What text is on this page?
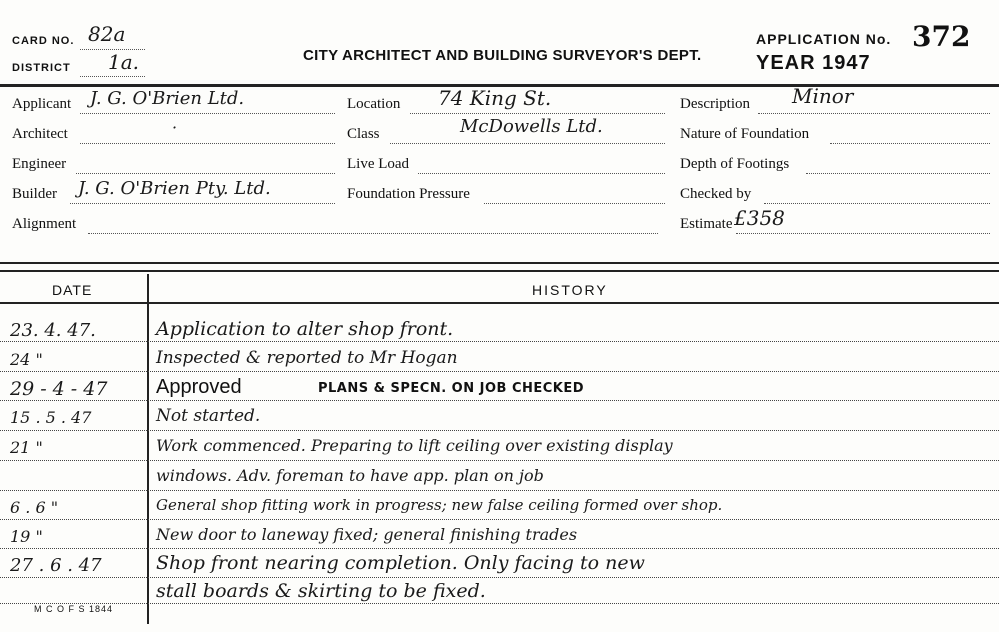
CARD NO. 82a
DISTRICT 1a.	CITY ARCHITECT AND BUILDING SURVEYOR'S DEPT.
APPLICATION No. 372
YEAR 1947
Applicant J. G. O'Brien Ltd.
Architect	·
Engineer
Builder J. G. O'Brien Pty. Ltd.
Alignment
Location 74 King St.
Class	McDowells Ltd.
Live Load
Foundation Pressure
Description Minor
Nature of Foundation
Depth of Footings
Checked by
Estimate £358
DATE	HISTORY
23. 4. 47.	Application to alter shop front.
24 "	Inspected & reported to Mr Hogan
29 - 4 - 47	Approved	PLANS & SPECN. ON JOB CHECKED
15 . 5 . 47	Not started.
21 "	Work commenced. Preparing to lift ceiling over existing display
windows. Adv. foreman to have app. plan on job
6 . 6 "	General shop fitting work in progress; new false ceiling formed over shop.
19 "	New door to laneway fixed; general finishing trades
27 . 6 . 47	Shop front nearing completion. Only facing to new
stall boards & skirting to be fixed.
M C O F S 1844
